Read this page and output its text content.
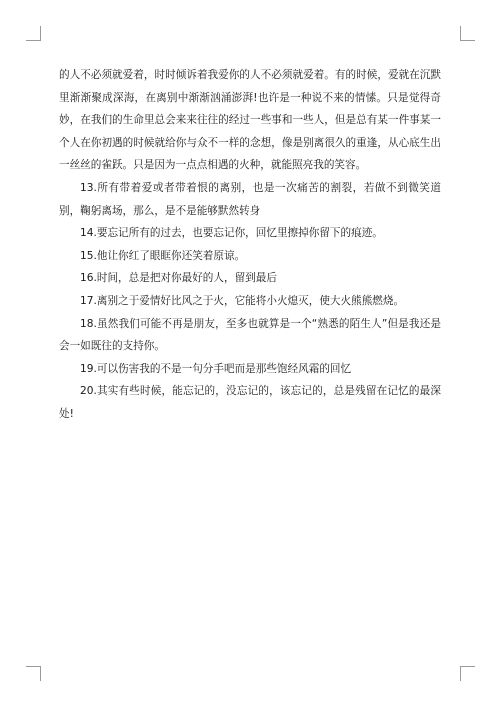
的人不必须就爱着，时时倾诉着我爱你的人不必须就爱着。有的时候，爱就在沉默里渐渐聚成深海，在离别中渐渐汹涌澎湃!也许是一种说不来的情愫。只是觉得奇妙，在我们的生命里总会来来往往的经过一些事和一些人，但是总有某一件事某一个人在你初遇的时候就给你与众不一样的念想，像是别离很久的重逢，从心底生出一丝丝的雀跃。只是因为一点点相遇的火种，就能照亮我的笑容。

13.所有带着爱或者带着恨的离别，也是一次痛苦的割裂，若做不到微笑道别，鞠躬离场，那么，是不是能够默然转身

14.要忘记所有的过去，也要忘记你，回忆里擦掉你留下的痕迹。

15.他让你红了眼眶你还笑着原谅。

16.时间，总是把对你最好的人，留到最后

17.离别之于爱情好比风之于火，它能将小火熄灭，使大火熊熊燃烧。

18.虽然我们可能不再是朋友，至多也就算是一个“熟悉的陌生人”但是我还是会一如既往的支持你。

19.可以伤害我的不是一句分手吧而是那些饱经风霜的回忆

20.其实有些时候，能忘记的，没忘记的，该忘记的，总是残留在记忆的最深处!
